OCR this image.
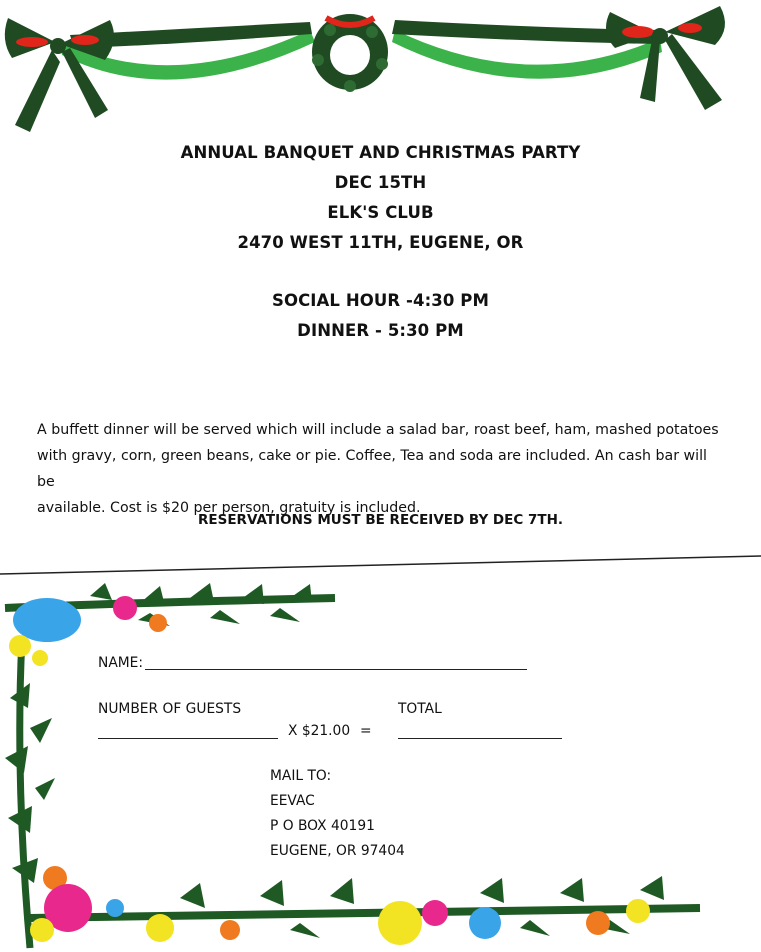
ANNUAL BANQUET AND CHRISTMAS PARTY
DEC 15TH
ELK'S CLUB
2470 WEST 11TH, EUGENE, OR
SOCIAL HOUR -4:30 PM
DINNER - 5:30 PM
A buffett dinner will be served which will include a salad bar, roast beef, ham, mashed potatoes
with gravy, corn, green beans, cake or pie. Coffee, Tea and soda are included. An cash bar will be
available. Cost is $20 per person, gratuity is included.
RESERVATIONS MUST BE RECEIVED BY DEC 7TH.
NAME:
NUMBER OF GUESTS	TOTAL
X $21.00 =
MAIL TO:
EEVAC
P O BOX 40191
EUGENE, OR 97404
